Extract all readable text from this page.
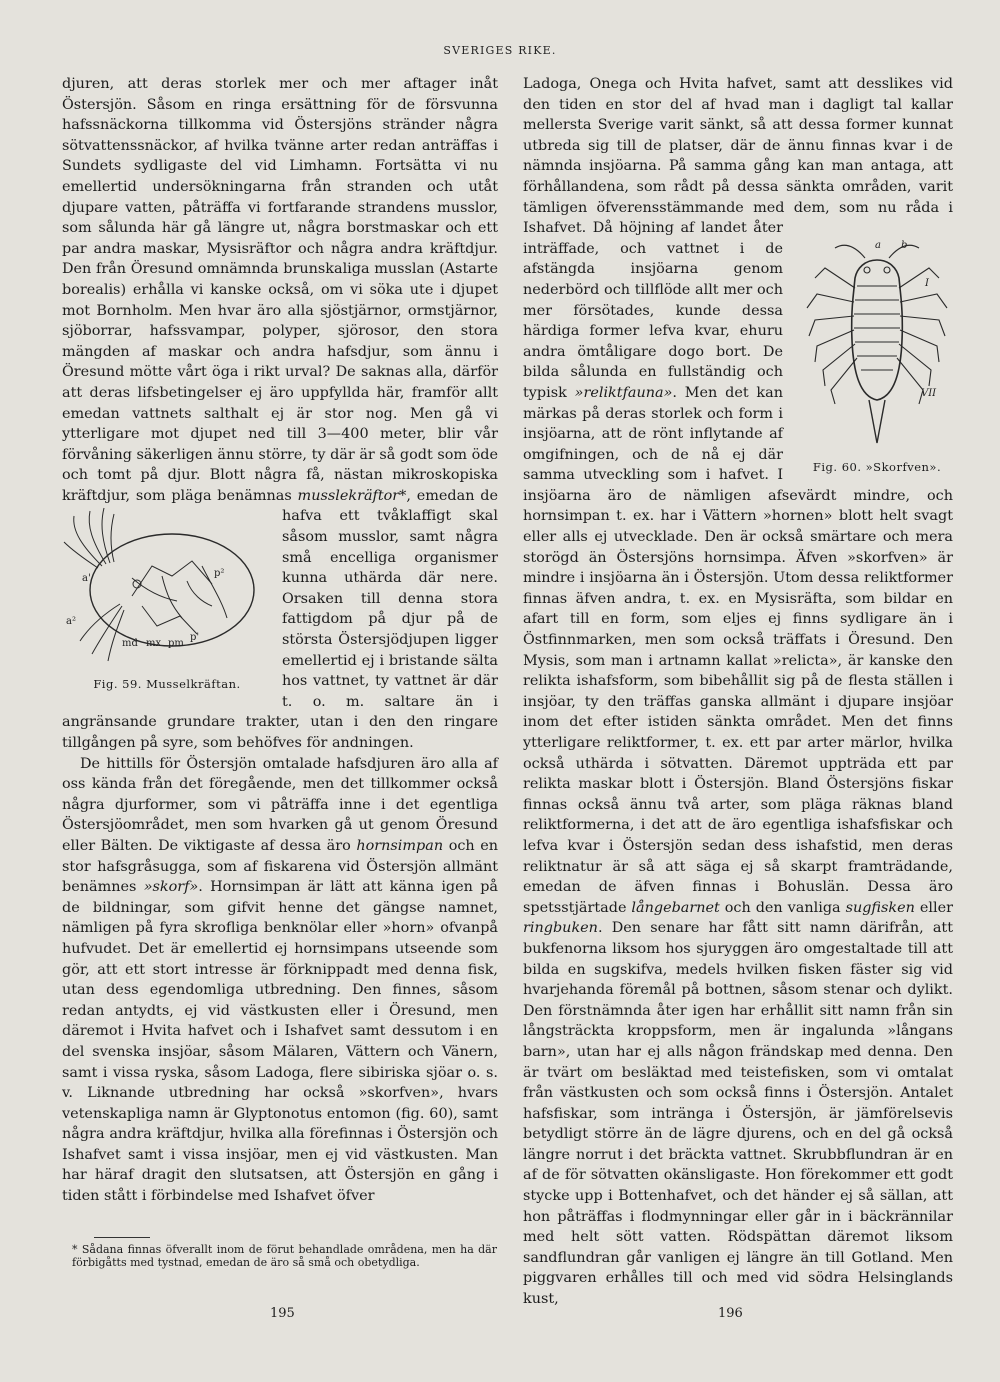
SVERIGES RIKE.

djuren, att deras storlek mer och mer aftager inåt Östersjön. Såsom en ringa ersättning för de försvunna hafssnäckorna tillkomma vid Östersjöns stränder några sötvattenssnäckor, af hvilka tvänne arter redan anträffas i Sundets sydligaste del vid Limhamn. Fortsätta vi nu emellertid undersökningarna från stranden och utåt djupare vatten, påträffa vi fortfarande strandens musslor, som sålunda här gå längre ut, några borstmaskar och ett par andra maskar, Mysisräftor och några andra kräftdjur. Den från Öresund omnämnda brunskaliga musslan (Astarte borealis) erhålla vi kanske också, om vi söka ute i djupet mot Bornholm. Men hvar äro alla sjöstjärnor, ormstjärnor, sjöborrar, hafssvampar, polyper, sjörosor, den stora mängden af maskar och andra hafsdjur, som ännu i Öresund mötte vårt öga i rikt urval? De saknas alla, därför att deras lifsbetingelser ej äro uppfyllda här, framför allt emedan vattnets salthalt ej är stor nog. Men gå vi ytterligare mot djupet ned till 3—400 meter, blir vår förvåning säkerligen ännu större, ty där är så godt som öde och tomt på djur. Blott några få, nästan mikroskopiska kräftdjur, som pläga benämnas
a'
a²
p²
md mx pm
p'
Fig. 59. Musselkräftan.
musslekräftor*, emedan de hafva ett tvåklaffigt skal såsom musslor, samt några små encelliga organismer kunna uthärda där nere. Orsaken till denna stora fattigdom på djur på de största Östersjödjupen ligger emellertid ej i bristande sälta hos vattnet, ty vattnet är där t. o. m. saltare än i angränsande grundare trakter, utan i den den ringare tillgången på syre, som behöfves för andningen.

De hittills för Östersjön omtalade hafsdjuren äro alla af oss kända från det föregående, men det tillkommer också några djurformer, som vi påträffa inne i det egentliga Östersjöområdet, men som hvarken gå ut genom Öresund eller Bälten. De viktigaste af dessa äro hornsimpan och en stor hafsgråsugga, som af fiskarena vid Östersjön allmänt benämnes »skorf». Hornsimpan är lätt att känna igen på de bildningar, som gifvit henne det gängse namnet, nämligen på fyra skrofliga benknölar eller »horn» ofvanpå hufvudet. Det är emellertid ej hornsimpans utseende som gör, att ett stort intresse är förknippadt med denna fisk, utan dess egendomliga utbredning. Den finnes, såsom redan antydts, ej vid västkusten eller i Öresund, men däremot i Hvita hafvet och i Ishafvet samt dessutom i en del svenska insjöar, såsom Mälaren, Vättern och Vänern, samt i vissa ryska, såsom Ladoga, flere sibiriska sjöar o. s. v. Liknande utbredning har också »skorfven», hvars vetenskapliga namn är Glyptonotus entomon (fig. 60), samt några andra kräftdjur, hvilka alla förefinnas i Östersjön och Ishafvet samt i vissa insjöar, men ej vid västkusten. Man har häraf dragit den slutsatsen, att Östersjön en gång i tiden stått i förbindelse med Ishafvet öfver

* Sådana finnas öfverallt inom de förut behandlade områdena, men ha där förbigåtts med tystnad, emedan de äro så små och obetydliga.

Ladoga, Onega och Hvita hafvet, samt att desslikes vid den tiden en stor del af hvad man i dagligt tal kallar mellersta Sverige varit sänkt, så att dessa former kunnat utbreda sig till de platser, där de ännu finnas kvar i de nämnda insjöarna. På samma gång kan man antaga, att förhållandena, som rådt på dessa sänkta områden, varit tämligen öfverensstämmande med dem, som nu råda i Ishafvet. Då höjning af landet åter inträffade, och vattnet i de afstängda insjöarna genom nederbörd och tillflöde allt mer och mer försötades, kunde dessa härdiga former lefva kvar, ehuru andra ömtåligare dogo bort. De bilda sålunda en fullständig och typisk »reliktfauna». Men det kan märkas på deras storlek och form i insjöarna, att de rönt inflytande af omgifningen, och de nå ej där samma utveckling som i hafvet. I insjöarna äro de nämligen afsevärdt mindre, och hornsimpan t. ex. har i Vättern »hornen» blott helt svagt eller alls ej utvecklade. Den är också smärtare och mera storögd än Östersjöns hornsimpa. Äfven »skorfven» är mindre i insjöarna än i Östersjön. Utom dessa reliktformer finnas äfven andra, t. ex. en Mysisräfta, som bildar en afart till en form, som eljes ej finns sydligare än i Östfinnmarken, men som också träffats i Öresund. Den Mysis, som man i artnamn kallat »relicta», är kanske den relikta ishafsform, som bibehållit sig på de flesta ställen i insjöar, ty den träffas ganska allmänt i djupare insjöar inom det efter istiden sänkta området. Men det finns ytterligare reliktformer, t. ex. ett par arter märlor, hvilka också uthärda i sötvatten. Däremot uppträda ett par relikta maskar blott i Östersjön. Bland Östersjöns fiskar finnas också ännu två arter, som pläga räknas bland reliktformerna, i det att de äro egentliga ishafsfiskar och lefva kvar i Östersjön sedan dess ishafstid, men deras reliktnatur är så att säga ej så skarpt framträdande, emedan de äfven finnas i Bohuslän. Dessa äro spetsstjärtade långebarnet och den vanliga sugfisken eller ringbuken. Den senare har fått sitt namn därifrån, att bukfenorna liksom hos sjuryggen äro omgestaltade till att bilda en sugskifva, medels hvilken fisken fäster sig vid hvarjehanda föremål på bottnen, såsom stenar och dylikt. Den förstnämnda åter igen har erhållit sitt namn från sin långsträckta kroppsform, men är ingalunda »långans barn», utan har ej alls någon frändskap med denna. Den är tvärt om besläktad med teistefisken, som vi omtalat från västkusten och som också finns i Östersjön. Antalet hafsfiskar, som inträngа i Östersjön, är jämförelsevis betydligt större än de lägre djurens, och en del gå också längre norrut i det bräckta vattnet. Skrubbflundran är en af de för sötvatten okänsligaste. Hon förekommer ett godt stycke upp i Bottenhafvet, och det händer ej så sällan, att hon påträffas i flodmynningar eller går in i bäckrännilar med helt sött vatten. Rödspättan däremot liksom sandflundran går vanligen ej längre än till Gotland. Men piggvaren erhålles till och med vid södra Helsinglands kust,

a b
I
VII
Fig. 60. »Skorfven».
195	196
